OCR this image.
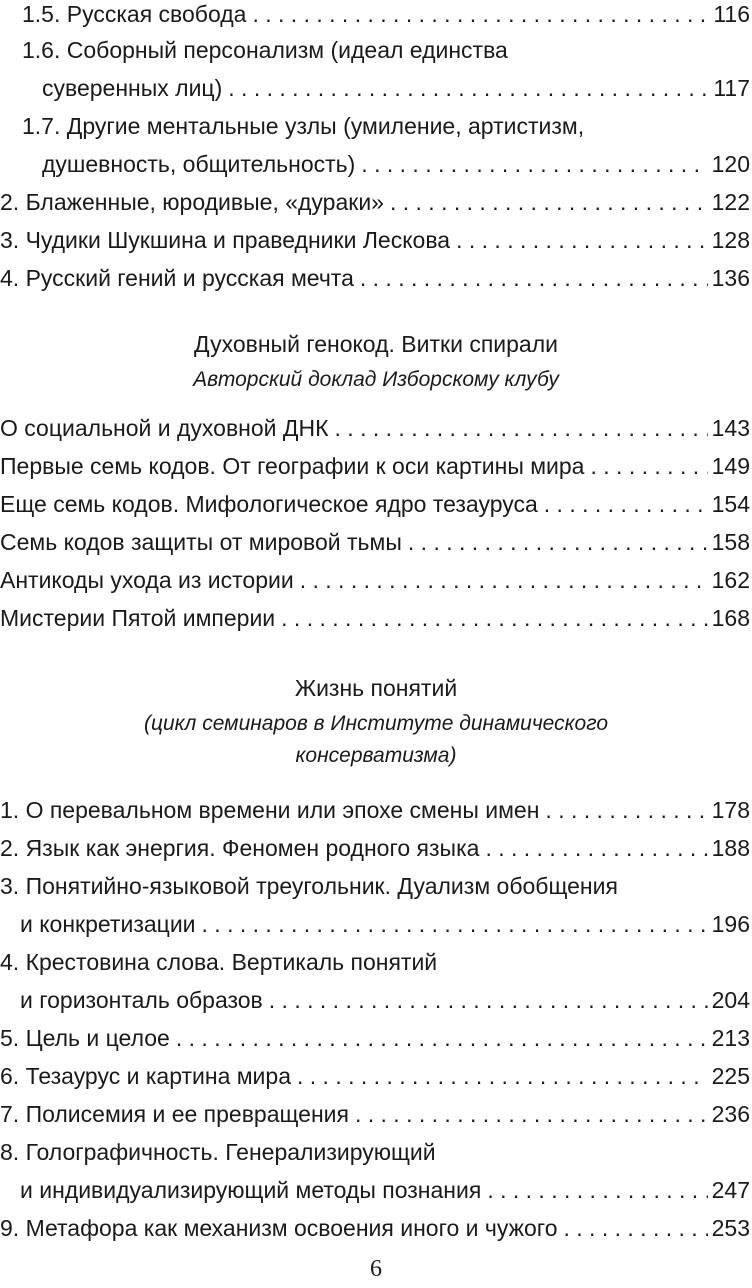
1.5. Русская свобода . . .	116
1.6. Соборный персонализм (идеал единства
суверенных лиц) . . .	117
1.7. Другие ментальные узлы (умиление, артистизм,
душевность, общительность) . . .	120
2. Блаженные, юродивые, «дураки» . . .	122
3. Чудики Шукшина и праведники Лескова . . .	128
4. Русский гений и русская мечта . . .	136
Духовный генокод. Витки спирали
Авторский доклад Изборскому клубу
О социальной и духовной ДНК . . .	143
Первые семь кодов. От географии к оси картины мира . . .	149
Еще семь кодов. Мифологическое ядро тезауруса . . .	154
Семь кодов защиты от мировой тьмы . . .	158
Антикоды ухода из истории . . .	162
Мистерии Пятой империи . . .	168
Жизнь понятий
(цикл семинаров в Институте динамического
консерватизма)
1. О перевальном времени или эпохе смены имен . . .	178
2. Язык как энергия. Феномен родного языка . . .	188
3. Понятийно-языковой треугольник. Дуализм обобщения
и конкретизации . . .	196
4. Крестовина слова. Вертикаль понятий
и горизонталь образов . . .	204
5. Цель и целое . . .	213
6. Тезаурус и картина мира . . .	225
7. Полисемия и ее превращения . . .	236
8. Голографичность. Генерализирующий
и индивидуализирующий методы познания . . .	247
9. Метафора как механизм освоения иного и чужого . . .	253
6
